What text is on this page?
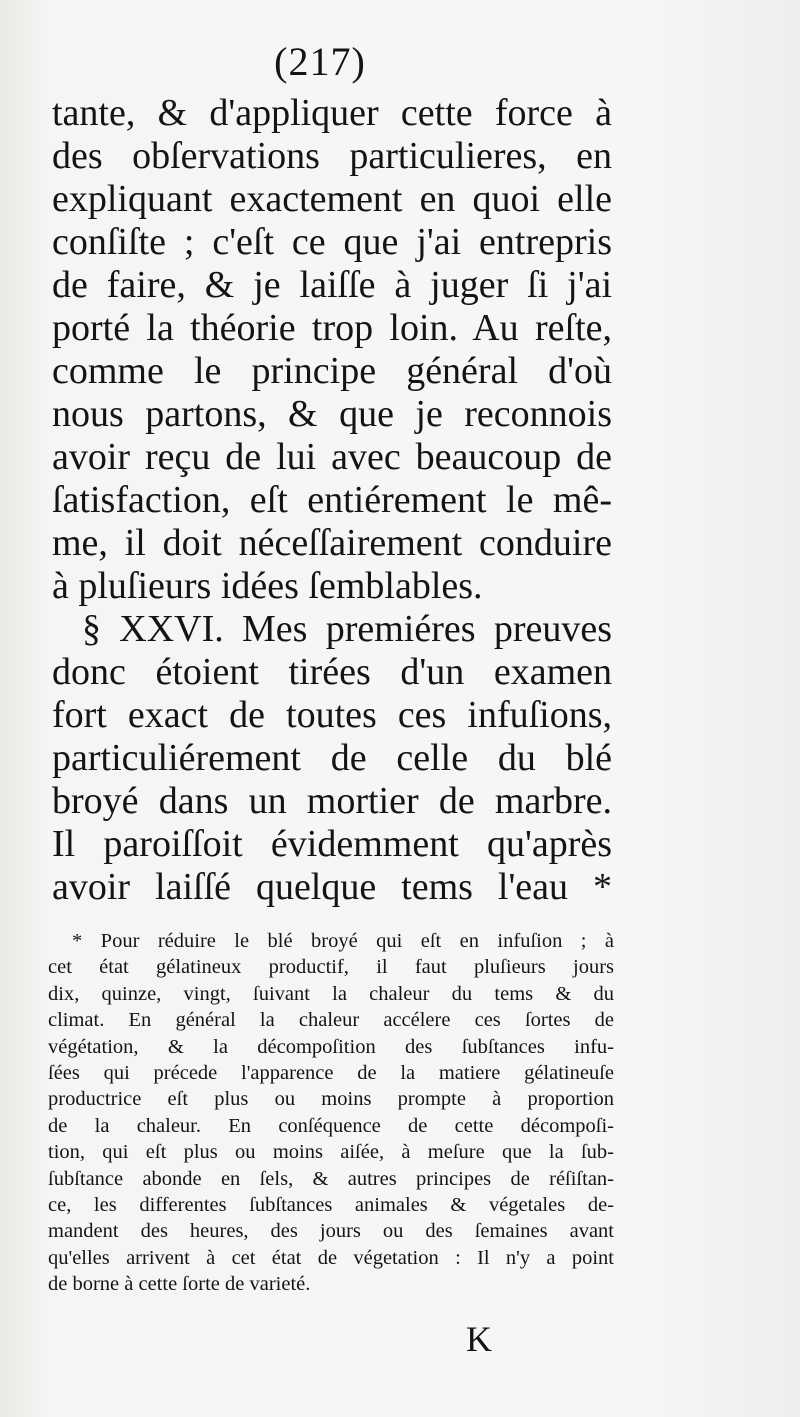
(217)
tante, & d'appliquer cette force à
des obſervations particulieres, en
expliquant exactement en quoi elle
conſiſte ; c'eſt ce que j'ai entrepris
de faire, & je laiſſe à juger ſi j'ai
porté la théorie trop loin. Au reſte,
comme le principe général d'où
nous partons, & que je reconnois
avoir reçu de lui avec beaucoup de
ſatisfaction, eſt entiérement le mê-
me, il doit néceſſairement conduire
à pluſieurs idées ſemblables.
§ XXVI. Mes premiéres preuves
donc étoient tirées d'un examen
fort exact de toutes ces infuſions,
particuliérement de celle du blé
broyé dans un mortier de marbre.
Il paroiſſoit évidemment qu'après
avoir laiſſé quelque tems l'eau *
* Pour réduire le blé broyé qui eſt en infuſion ; à
cet état gélatineux productif, il faut pluſieurs jours
dix, quinze, vingt, ſuivant la chaleur du tems & du
climat. En général la chaleur accélere ces ſortes de
végétation, & la décompoſition des ſubſtances infu-
ſées qui précede l'apparence de la matiere gélatineuſe
productrice eſt plus ou moins prompte à proportion
de la chaleur. En conſéquence de cette décompoſi-
tion, qui eſt plus ou moins aiſée, à meſure que la ſub-
ſubſtance abonde en ſels, & autres principes de réſiſtan-
ce, les differentes ſubſtances animales & végetales de-
mandent des heures, des jours ou des ſemaines avant
qu'elles arrivent à cet état de végetation : Il n'y a point
de borne à cette ſorte de varieté.
K
